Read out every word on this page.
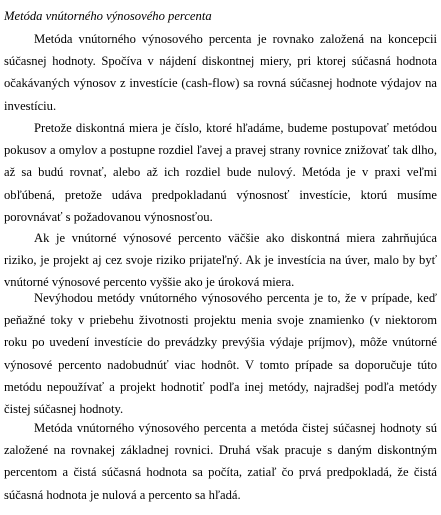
Metóda vnútorného výnosového percenta

Metóda vnútorného výnosového percenta je rovnako založená na koncepcii súčasnej hodnoty. Spočíva v nájdení diskontnej miery, pri ktorej súčasná hodnota očakávaných výnosov z investície (cash-flow) sa rovná súčasnej hodnote výdajov na investíciu.

Pretože diskontná miera je číslo, ktoré hľadáme, budeme postupovať metódou pokusov a omylov a postupne rozdiel ľavej a pravej strany rovnice znižovať tak dlho, až sa budú rovnať, alebo až ich rozdiel bude nulový. Metóda je v praxi veľmi obľúbená, pretože udáva predpokladanú výnosnosť investície, ktorú musíme porovnávať s požadovanou výnosnosťou.

Ak je vnútorné výnosové percento väčšie ako diskontná miera zahrňujúca riziko, je projekt aj cez svoje riziko prijateľný. Ak je investícia na úver, malo by byť vnútorné výnosové percento vyššie ako je úroková miera.

Nevýhodou metódy vnútorného výnosového percenta je to, že v prípade, keď peňažné toky v priebehu životnosti projektu menia svoje znamienko (v niektorom roku po uvedení investície do prevádzky prevýšia výdaje príjmov), môže vnútorné výnosové percento nadobudnúť viac hodnôt. V tomto prípade sa doporučuje túto metódu nepoužívať a projekt hodnotiť podľa inej metódy, najradšej podľa metódy čistej súčasnej hodnoty.

Metóda vnútorného výnosového percenta a metóda čistej súčasnej hodnoty sú založené na rovnakej základnej rovnici. Druhá však pracuje s daným diskontným percentom a čistá súčasná hodnota sa počíta, zatiaľ čo prvá predpokladá, že čistá súčasná hodnota je nulová a percento sa hľadá.
